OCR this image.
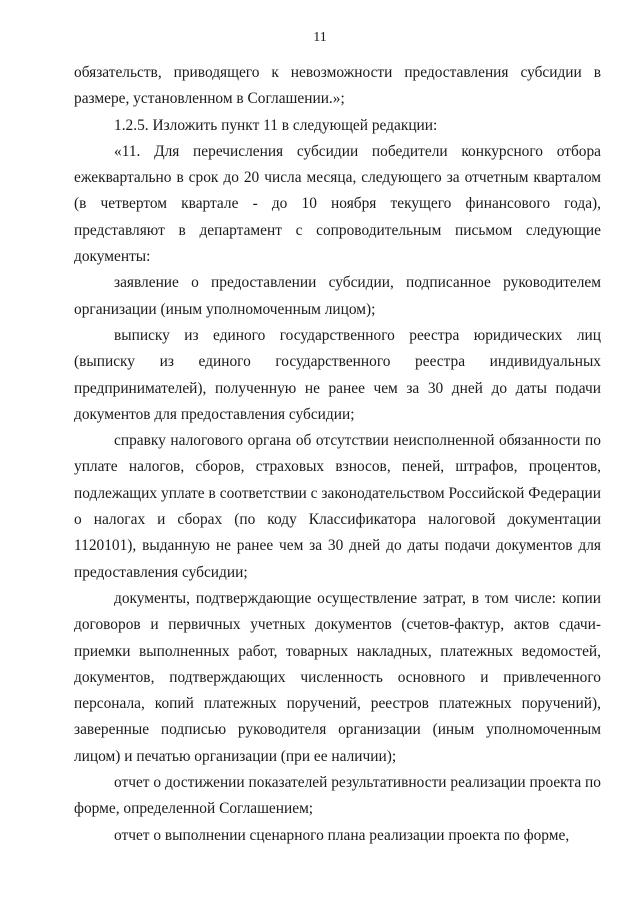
11

обязательств, приводящего к невозможности предоставления субсидии в размере, установленном в Соглашении.»;

1.2.5. Изложить пункт 11 в следующей редакции:

«11. Для перечисления субсидии победители конкурсного отбора ежеквартально в срок до 20 числа месяца, следующего за отчетным кварталом (в четвертом квартале - до 10 ноября текущего финансового года), представляют в департамент с сопроводительным письмом следующие документы:

заявление о предоставлении субсидии, подписанное руководителем организации (иным уполномоченным лицом);

выписку из единого государственного реестра юридических лиц (выписку из единого государственного реестра индивидуальных предпринимателей), полученную не ранее чем за 30 дней до даты подачи документов для предоставления субсидии;

справку налогового органа об отсутствии неисполненной обязанности по уплате налогов, сборов, страховых взносов, пеней, штрафов, процентов, подлежащих уплате в соответствии с законодательством Российской Федерации о налогах и сборах (по коду Классификатора налоговой документации 1120101), выданную не ранее чем за 30 дней до даты подачи документов для предоставления субсидии;

документы, подтверждающие осуществление затрат, в том числе: копии договоров и первичных учетных документов (счетов-фактур, актов сдачи-приемки выполненных работ, товарных накладных, платежных ведомостей, документов, подтверждающих численность основного и привлеченного персонала, копий платежных поручений, реестров платежных поручений), заверенные подписью руководителя организации (иным уполномоченным лицом) и печатью организации (при ее наличии);

отчет о достижении показателей результативности реализации проекта по форме, определенной Соглашением;

отчет о выполнении сценарного плана реализации проекта по форме,
